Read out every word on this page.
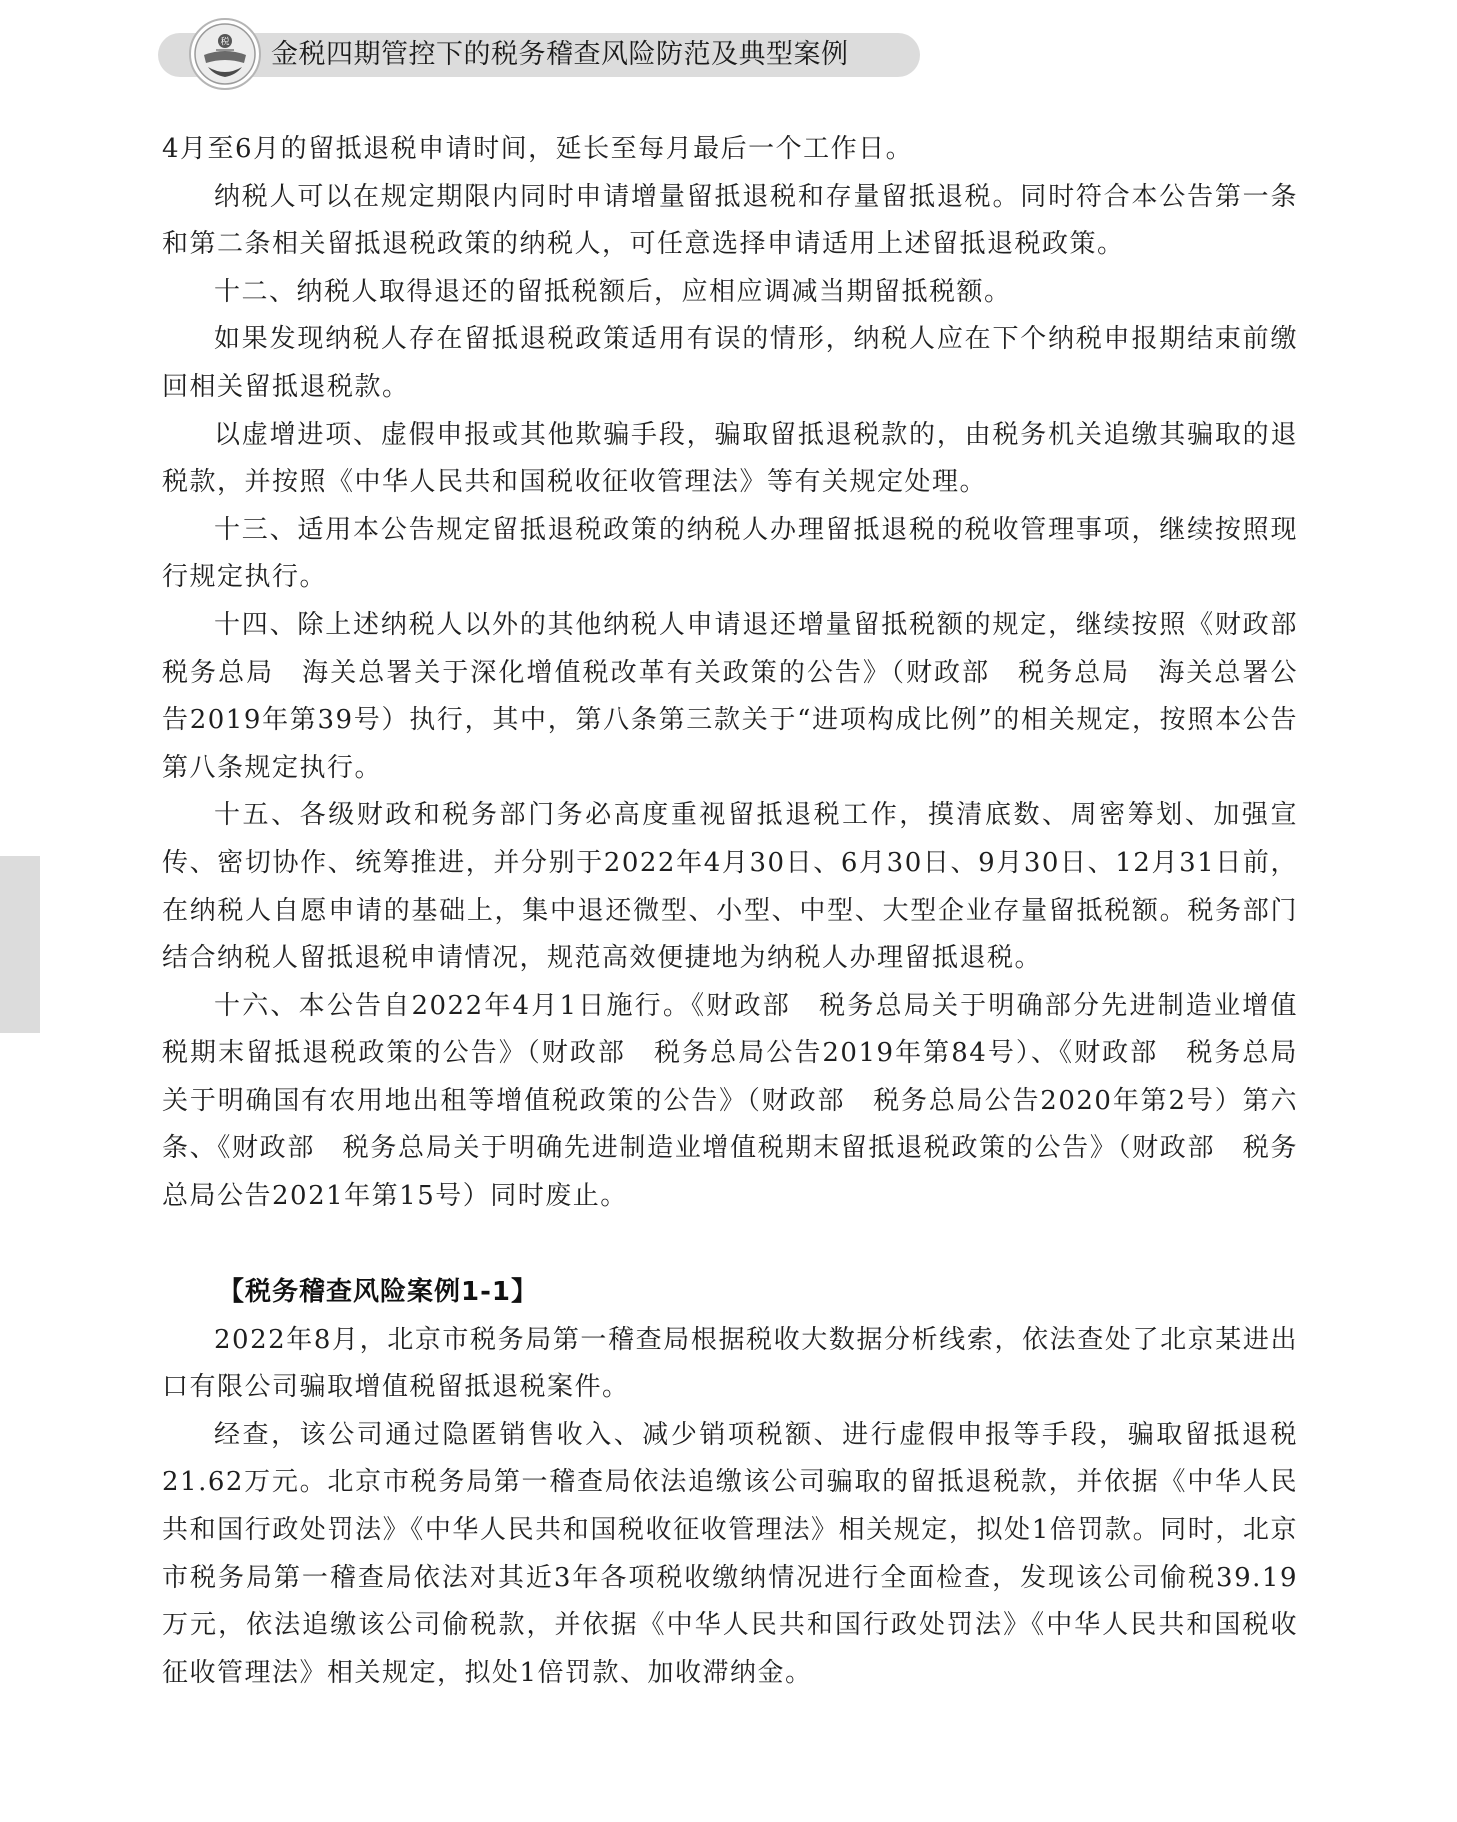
税 金税四期管控下的税务稽查风险防范及典型案例

4月至6月的留抵退税申请时间，延长至每月最后一个工作日。

纳税人可以在规定期限内同时申请增量留抵退税和存量留抵退税。同时符合本公告第一条和第二条相关留抵退税政策的纳税人，可任意选择申请适用上述留抵退税政策。

十二、纳税人取得退还的留抵税额后，应相应调减当期留抵税额。

如果发现纳税人存在留抵退税政策适用有误的情形，纳税人应在下个纳税申报期结束前缴回相关留抵退税款。

以虚增进项、虚假申报或其他欺骗手段，骗取留抵退税款的，由税务机关追缴其骗取的退税款，并按照《中华人民共和国税收征收管理法》等有关规定处理。

十三、适用本公告规定留抵退税政策的纳税人办理留抵退税的税收管理事项，继续按照现行规定执行。

十四、除上述纳税人以外的其他纳税人申请退还增量留抵税额的规定，继续按照《财政部　税务总局　海关总署关于深化增值税改革有关政策的公告》（财政部　税务总局　海关总署公告2019年第39号）执行，其中，第八条第三款关于“进项构成比例”的相关规定，按照本公告第八条规定执行。

十五、各级财政和税务部门务必高度重视留抵退税工作，摸清底数、周密筹划、加强宣传、密切协作、统筹推进，并分别于2022年4月30日、6月30日、9月30日、12月31日前，在纳税人自愿申请的基础上，集中退还微型、小型、中型、大型企业存量留抵税额。税务部门结合纳税人留抵退税申请情况，规范高效便捷地为纳税人办理留抵退税。

十六、本公告自2022年4月1日施行。《财政部　税务总局关于明确部分先进制造业增值税期末留抵退税政策的公告》（财政部　税务总局公告2019年第84号）、《财政部　税务总局关于明确国有农用地出租等增值税政策的公告》（财政部　税务总局公告2020年第2号）第六条、《财政部　税务总局关于明确先进制造业增值税期末留抵退税政策的公告》（财政部　税务总局公告2021年第15号）同时废止。

【税务稽查风险案例1-1】

2022年8月，北京市税务局第一稽查局根据税收大数据分析线索，依法查处了北京某进出口有限公司骗取增值税留抵退税案件。

经查，该公司通过隐匿销售收入、减少销项税额、进行虚假申报等手段，骗取留抵退税21.62万元。北京市税务局第一稽查局依法追缴该公司骗取的留抵退税款，并依据《中华人民共和国行政处罚法》《中华人民共和国税收征收管理法》相关规定，拟处1倍罚款。同时，北京市税务局第一稽查局依法对其近3年各项税收缴纳情况进行全面检查，发现该公司偷税39.19万元，依法追缴该公司偷税款，并依据《中华人民共和国行政处罚法》《中华人民共和国税收征收管理法》相关规定，拟处1倍罚款、加收滞纳金。
